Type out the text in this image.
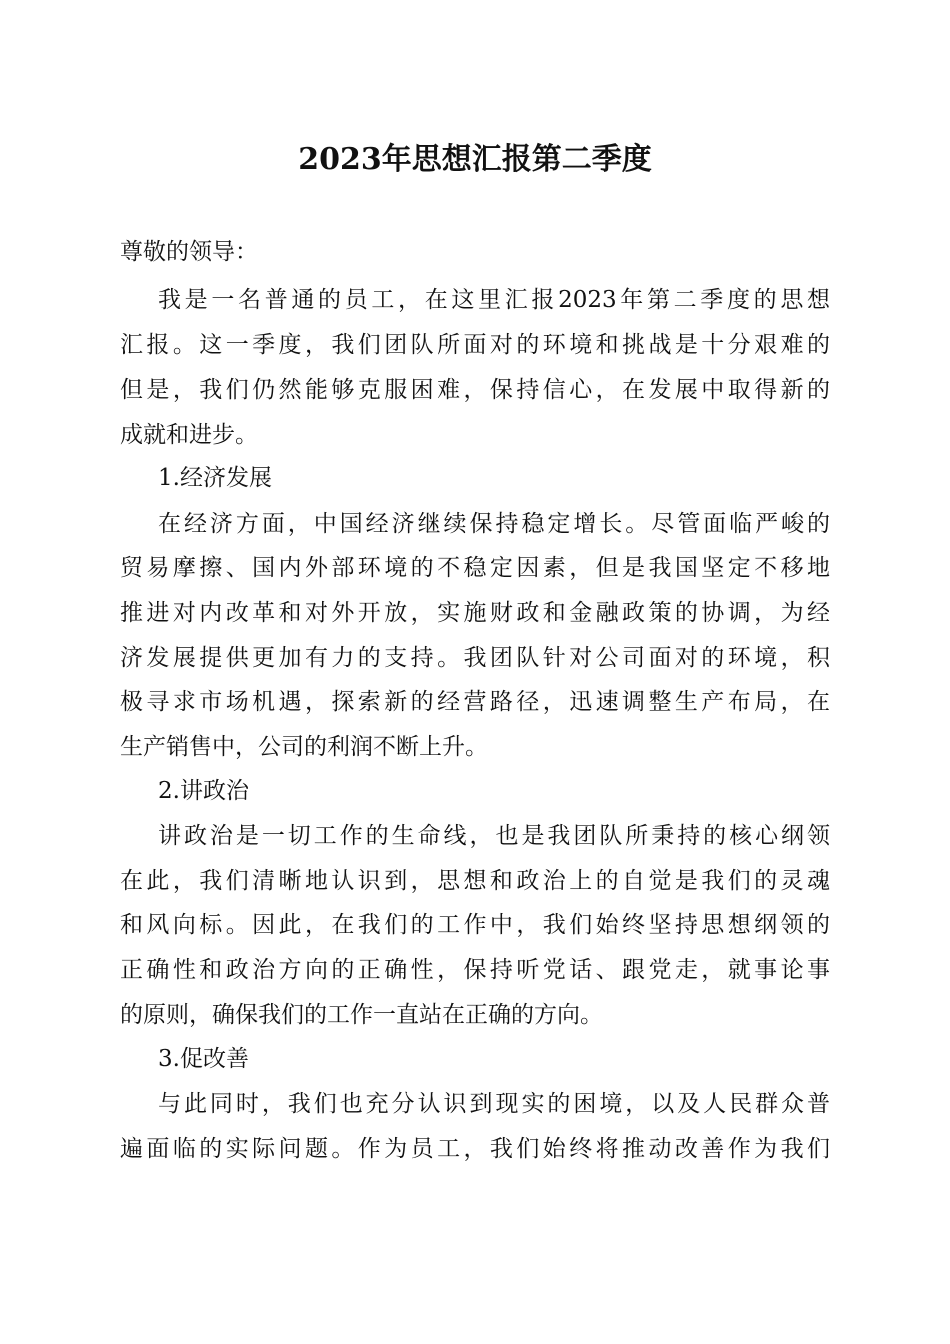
2023年思想汇报第二季度
尊敬的领导：
我是一名普通的员工，在这里汇报2023年第二季度的思想
汇报。这一季度，我们团队所面对的环境和挑战是十分艰难的
但是，我们仍然能够克服困难，保持信心，在发展中取得新的
成就和进步。
1.经济发展
在经济方面，中国经济继续保持稳定增长。尽管面临严峻的
贸易摩擦、国内外部环境的不稳定因素，但是我国坚定不移地
推进对内改革和对外开放，实施财政和金融政策的协调，为经
济发展提供更加有力的支持。我团队针对公司面对的环境，积
极寻求市场机遇，探索新的经营路径，迅速调整生产布局，在
生产销售中，公司的利润不断上升。
2.讲政治
讲政治是一切工作的生命线，也是我团队所秉持的核心纲领
在此，我们清晰地认识到，思想和政治上的自觉是我们的灵魂
和风向标。因此，在我们的工作中，我们始终坚持思想纲领的
正确性和政治方向的正确性，保持听党话、跟党走，就事论事
的原则，确保我们的工作一直站在正确的方向。
3.促改善
与此同时，我们也充分认识到现实的困境，以及人民群众普
遍面临的实际问题。作为员工，我们始终将推动改善作为我们
